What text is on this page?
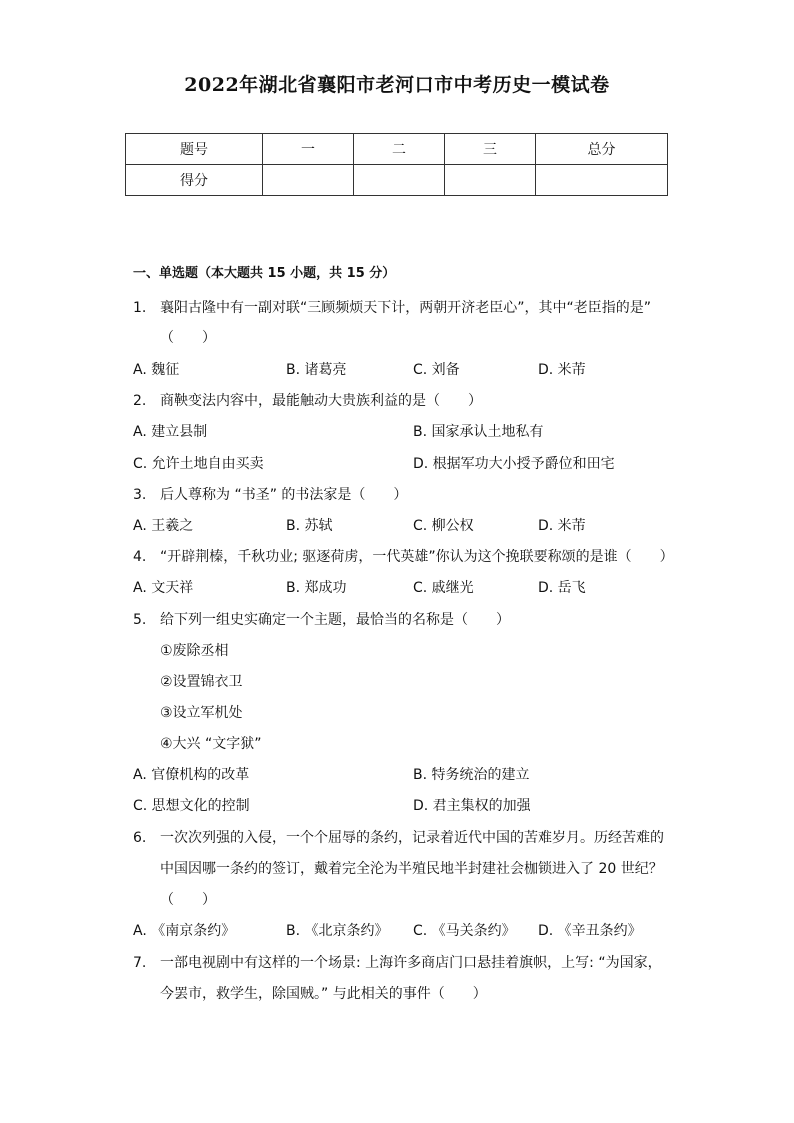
2022年湖北省襄阳市老河口市中考历史一模试卷
题号	一	二	三	总分
得分				
一、单选题（本大题共 15 小题，共 15 分）
1. 襄阳古隆中有一副对联“三顾频烦天下计，两朝开济老臣心”，其中“老臣指的是”
（　　）
A. 魏征	B. 诸葛亮	C. 刘备	D. 米芾
2. 商鞅变法内容中，最能触动大贵族利益的是（　　）
A. 建立县制	B. 国家承认土地私有
C. 允许土地自由买卖	D. 根据军功大小授予爵位和田宅
3. 后人尊称为 “书圣” 的书法家是（　　）
A. 王羲之	B. 苏轼	C. 柳公权	D. 米芾
4. “开辟荆榛，千秋功业; 驱逐荷虏，一代英雄”你认为这个挽联要称颂的是谁（　　）
A. 文天祥	B. 郑成功	C. 戚继光	D. 岳飞
5. 给下列一组史实确定一个主题，最恰当的名称是（　　）
①废除丞相
②设置锦衣卫
③设立军机处
④大兴 “文字狱”
A. 官僚机构的改革	B. 特务统治的建立
C. 思想文化的控制	D. 君主集权的加强
6. 一次次列强的入侵，一个个屈辱的条约，记录着近代中国的苦难岁月。历经苦难的
中国因哪一条约的签订，戴着完全沦为半殖民地半封建社会枷锁进入了 20 世纪？
（　　）
A. 《南京条约》	B. 《北京条约》 C. 《马关条约》 D. 《辛丑条约》
7. 一部电视剧中有这样的一个场景: 上海许多商店门口悬挂着旗帜，上写: “为国家，
今罢市，救学生，除国贼。” 与此相关的事件（　　）
